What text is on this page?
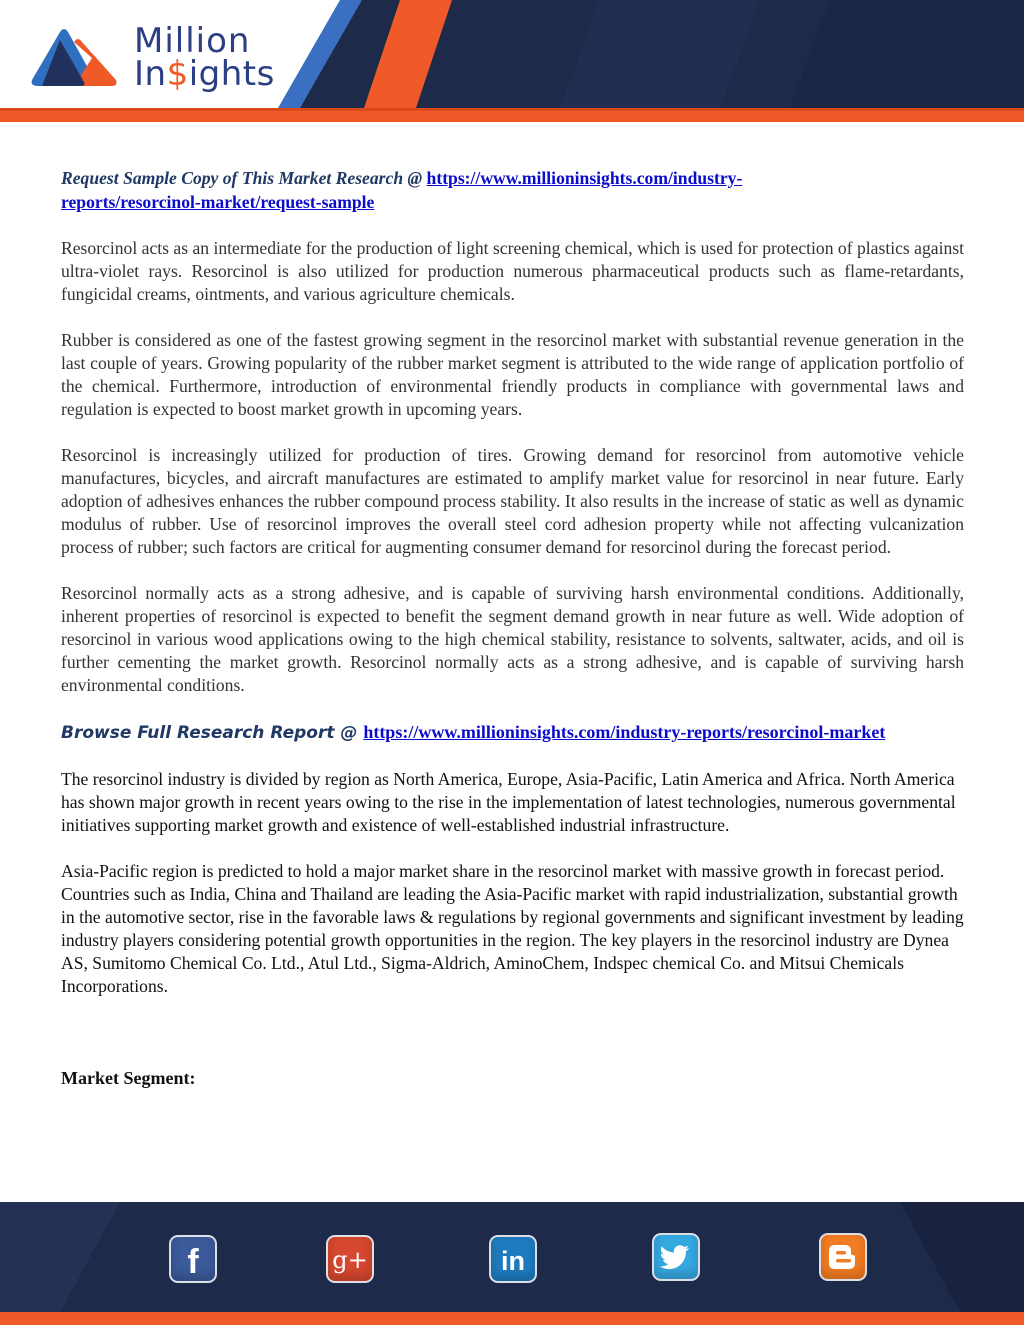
Million
In$ights

Request Sample Copy of This Market Research @ https://www.millioninsights.com/industry-
reports/resorcinol-market/request-sample

Resorcinol acts as an intermediate for the production of light screening chemical, which is used for protection of plastics against ultra-violet rays. Resorcinol is also utilized for production numerous pharmaceutical products such as flame-retardants, fungicidal creams, ointments, and various agriculture chemicals.

Rubber is considered as one of the fastest growing segment in the resorcinol market with substantial revenue generation in the last couple of years. Growing popularity of the rubber market segment is attributed to the wide range of application portfolio of the chemical. Furthermore, introduction of environmental friendly products in compliance with governmental laws and regulation is expected to boost market growth in upcoming years.

Resorcinol is increasingly utilized for production of tires. Growing demand for resorcinol from automotive vehicle manufactures, bicycles, and aircraft manufactures are estimated to amplify market value for resorcinol in near future. Early adoption of adhesives enhances the rubber compound process stability. It also results in the increase of static as well as dynamic modulus of rubber. Use of resorcinol improves the overall steel cord adhesion property while not affecting vulcanization process of rubber; such factors are critical for augmenting consumer demand for resorcinol during the forecast period.

Resorcinol normally acts as a strong adhesive, and is capable of surviving harsh environmental conditions. Additionally, inherent properties of resorcinol is expected to benefit the segment demand growth in near future as well. Wide adoption of resorcinol in various wood applications owing to the high chemical stability, resistance to solvents, saltwater, acids, and oil is further cementing the market growth. Resorcinol normally acts as a strong adhesive, and is capable of surviving harsh environmental conditions.

Browse Full Research Report @ https://www.millioninsights.com/industry-reports/resorcinol-market

The resorcinol industry is divided by region as North America, Europe, Asia-Pacific, Latin America and Africa. North America has shown major growth in recent years owing to the rise in the implementation of latest technologies, numerous governmental initiatives supporting market growth and existence of well-established industrial infrastructure.

Asia-Pacific region is predicted to hold a major market share in the resorcinol market with massive growth in forecast period. Countries such as India, China and Thailand are leading the Asia-Pacific market with rapid industrialization, substantial growth in the automotive sector, rise in the favorable laws & regulations by regional governments and significant investment by leading industry players considering potential growth opportunities in the region. The key players in the resorcinol industry are Dynea AS, Sumitomo Chemical Co. Ltd., Atul Ltd., Sigma-Aldrich, AminoChem, Indspec chemical Co. and Mitsui Chemicals Incorporations.

Market Segment:

f	g+	in
